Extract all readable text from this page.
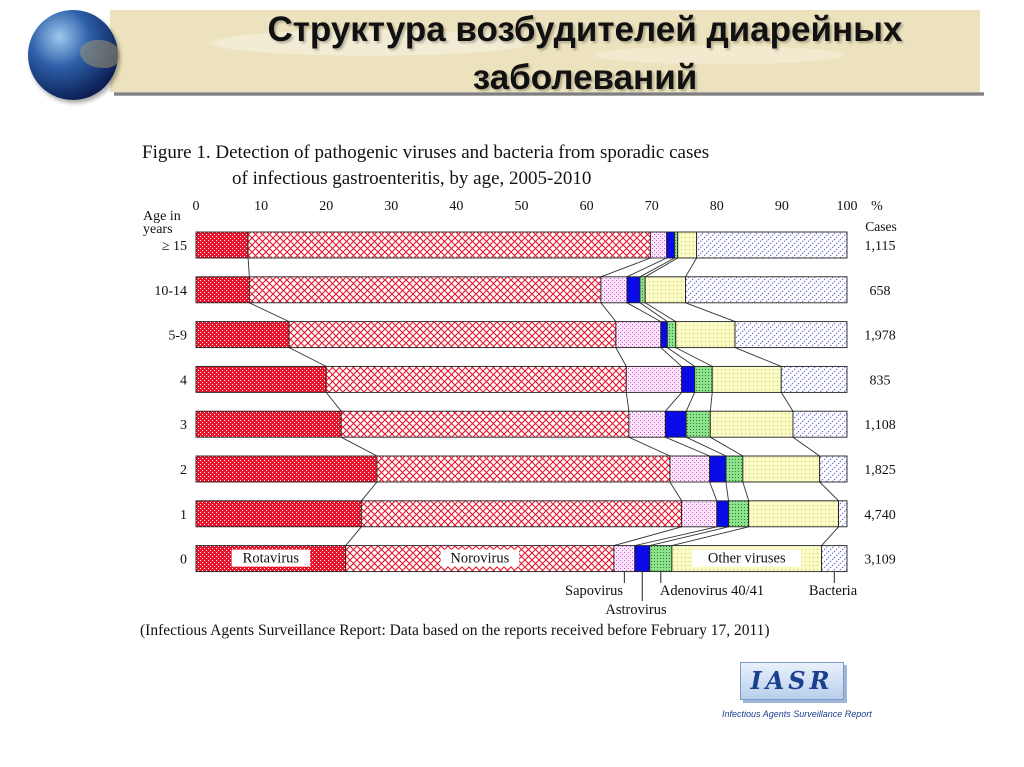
Структура возбудителей диарейных
заболеваний
Figure 1. Detection of pathogenic viruses and bacteria from sporadic cases
of infectious gastroenteritis, by age, 2005-2010
0	10	20	30	40	50	60	70	80	90	100 %
≥ 15
10-14
5-9
4
3
2
1
0
Cases
1,115
658
1,978
835
1,108
1,825
4,740
3,109
Rotavirus	Norovirus	Other viruses
Sapovirus	Adenovirus 40/41
Astrovirus
Bacteria
Age in years
(Infectious Agents Surveillance Report: Data based on the reports received before February 17, 2011)
IASR
Infectious Agents Surveillance Report
